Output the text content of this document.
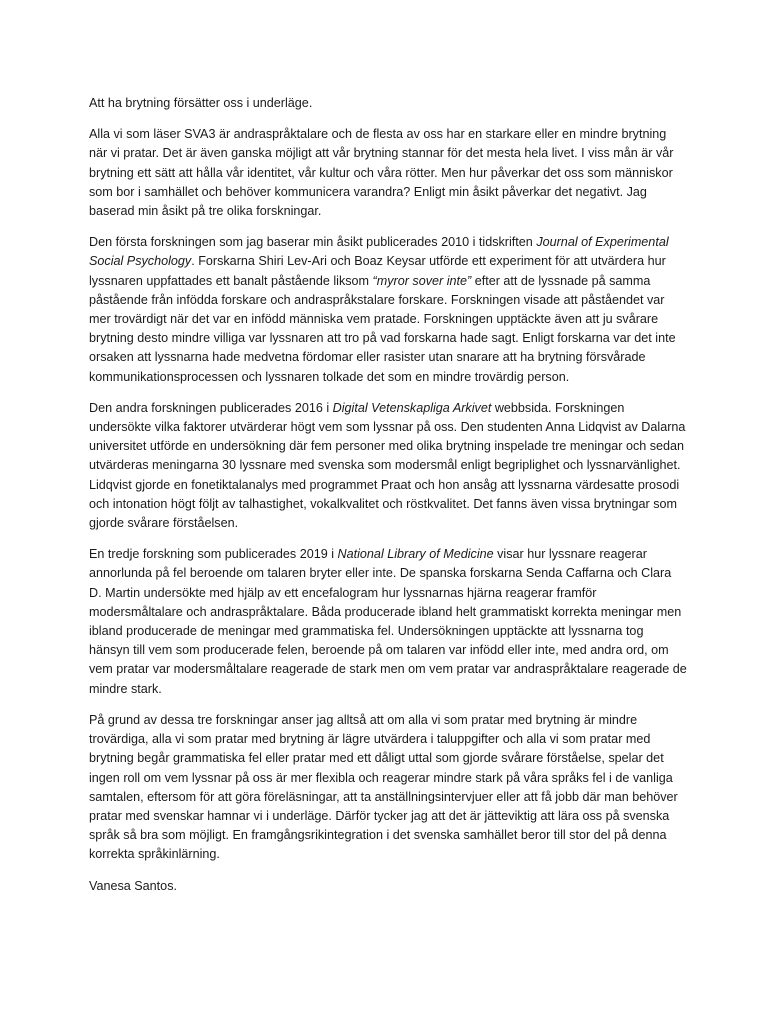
Att ha brytning försätter oss i underläge.

Alla vi som läser SVA3 är andraspråktalare och de flesta av oss har en starkare eller en mindre brytning när vi pratar. Det är även ganska möjligt att vår brytning stannar för det mesta hela livet. I viss mån är vår brytning ett sätt att hålla vår identitet, vår kultur och våra rötter. Men hur påverkar det oss som människor som bor i samhället och behöver kommunicera varandra? Enligt min åsikt påverkar det negativt. Jag baserad min åsikt på tre olika forskningar.

Den första forskningen som jag baserar min åsikt publicerades 2010 i tidskriften Journal of Experimental Social Psychology. Forskarna Shiri Lev-Ari och Boaz Keysar utförde ett experiment för att utvärdera hur lyssnaren uppfattades ett banalt påstående liksom “myror sover inte” efter att de lyssnade på samma påstående från infödda forskare och andraspråkstalare forskare. Forskningen visade att påståendet var mer trovärdigt när det var en infödd människa vem pratade. Forskningen upptäckte även att ju svårare brytning desto mindre villiga var lyssnaren att tro på vad forskarna hade sagt. Enligt forskarna var det inte orsaken att lyssnarna hade medvetna fördomar eller rasister utan snarare att ha brytning försvårade kommunikationsprocessen och lyssnaren tolkade det som en mindre trovärdig person.

Den andra forskningen publicerades 2016 i Digital Vetenskapliga Arkivet webbsida. Forskningen undersökte vilka faktorer utvärderar högt vem som lyssnar på oss. Den studenten Anna Lidqvist av Dalarna universitet utförde en undersökning där fem personer med olika brytning inspelade tre meningar och sedan utvärderas meningarna 30 lyssnare med svenska som modersmål enligt begriplighet och lyssnarvänlighet. Lidqvist gjorde en fonetiktalanalys med programmet Praat och hon ansåg att lyssnarna värdesatte prosodi och intonation högt följt av talhastighet, vokalkvalitet och röstkvalitet. Det fanns även vissa brytningar som gjorde svårare förståelsen.

En tredje forskning som publicerades 2019 i National Library of Medicine visar hur lyssnare reagerar annorlunda på fel beroende om talaren bryter eller inte. De spanska forskarna Senda Caffarna och Clara D. Martin undersökte med hjälp av ett encefalogram hur lyssnarnas hjärna reagerar framför modersmåltalare och andraspråktalare. Båda producerade ibland helt grammatiskt korrekta meningar men ibland producerade de meningar med grammatiska fel. Undersökningen upptäckte att lyssnarna tog hänsyn till vem som producerade felen, beroende på om talaren var infödd eller inte, med andra ord, om vem pratar var modersmåltalare reagerade de stark men om vem pratar var andraspråktalare reagerade de mindre stark.

På grund av dessa tre forskningar anser jag alltså att om alla vi som pratar med brytning är mindre trovärdiga, alla vi som pratar med brytning är lägre utvärdera i taluppgifter och alla vi som pratar med brytning begår grammatiska fel eller pratar med ett dåligt uttal som gjorde svårare förståelse, spelar det ingen roll om vem lyssnar på oss är mer flexibla och reagerar mindre stark på våra språks fel i de vanliga samtalen, eftersom för att göra föreläsningar, att ta anställningsintervjuer eller att få jobb där man behöver pratar med svenskar hamnar vi i underläge. Därför tycker jag att det är jätteviktig att lära oss på svenska språk så bra som möjligt. En framgångsrikintegration i det svenska samhället beror till stor del på denna korrekta språkinlärning.

Vanesa Santos.
